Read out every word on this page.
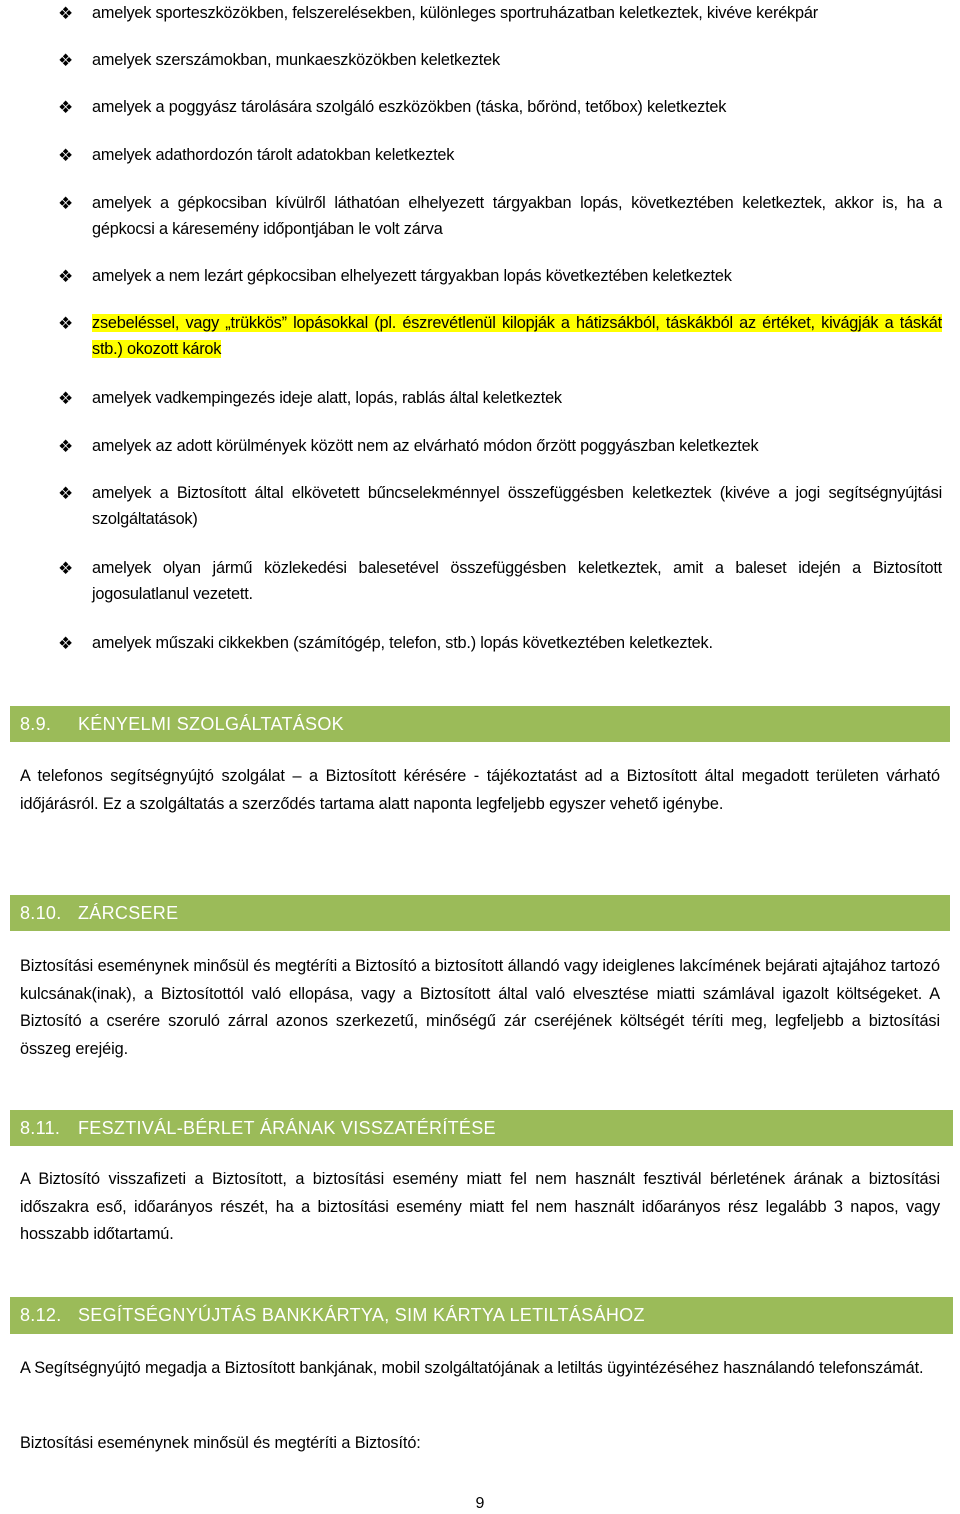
❖ amelyek sporteszközökben, felszerelésekben, különleges sportruházatban keletkeztek, kivéve kerékpár
❖ amelyek szerszámokban, munkaeszközökben keletkeztek
❖ amelyek a poggyász tárolására szolgáló eszközökben (táska, bőrönd, tetőbox) keletkeztek
❖ amelyek adathordozón tárolt adatokban keletkeztek
❖ amelyek a gépkocsiban kívülről láthatóan elhelyezett tárgyakban lopás, következtében keletkeztek, akkor is, ha a gépkocsi a káresemény időpontjában le volt zárva
❖ amelyek a nem lezárt gépkocsiban elhelyezett tárgyakban lopás következtében keletkeztek
❖ zsebeléssel, vagy „trükkös” lopásokkal (pl. észrevétlenül kilopják a hátizsákból, táskákból az értéket, kivágják a táskát stb.) okozott károk
❖ amelyek vadkempingezés ideje alatt, lopás, rablás által keletkeztek
❖ amelyek az adott körülmények között nem az elvárható módon őrzött poggyászban keletkeztek
❖ amelyek a Biztosított által elkövetett bűncselekménnyel összefüggésben keletkeztek (kivéve a jogi segítségnyújtási szolgáltatások)
❖ amelyek olyan jármű közlekedési balesetével összefüggésben keletkeztek, amit a baleset idején a Biztosított jogosulatlanul vezetett.
❖ amelyek műszaki cikkekben (számítógép, telefon, stb.) lopás következtében keletkeztek.
8.9.	KÉNYELMI SZOLGÁLTATÁSOK
A telefonos segítségnyújtó szolgálat – a Biztosított kérésére - tájékoztatást ad a Biztosított által megadott területen várható időjárásról. Ez a szolgáltatás a szerződés tartama alatt naponta legfeljebb egyszer vehető igénybe.
8.10. ZÁRCSERE
Biztosítási eseménynek minősül és megtéríti a Biztosító a biztosított állandó vagy ideiglenes lakcímének bejárati ajtajához tartozó kulcsának(inak), a Biztosítottól való ellopása, vagy a Biztosított által való elvesztése miatti számlával igazolt költségeket. A Biztosító a cserére szoruló zárral azonos szerkezetű, minőségű zár cseréjének költségét téríti meg, legfeljebb a biztosítási összeg erejéig.
8.11. FESZTIVÁL-BÉRLET ÁRÁNAK VISSZATÉRÍTÉSE
A Biztosító visszafizeti a Biztosított, a biztosítási esemény miatt fel nem használt fesztivál bérletének árának a biztosítási időszakra eső, időarányos részét, ha a biztosítási esemény miatt fel nem használt időarányos rész legalább 3 napos, vagy hosszabb időtartamú.
8.12. SEGÍTSÉGNYÚJTÁS BANKKÁRTYA, SIM KÁRTYA LETILTÁSÁHOZ
A Segítségnyújtó megadja a Biztosított bankjának, mobil szolgáltatójának a letiltás ügyintézéséhez használandó telefonszámát.
Biztosítási eseménynek minősül és megtéríti a Biztosító:
9
